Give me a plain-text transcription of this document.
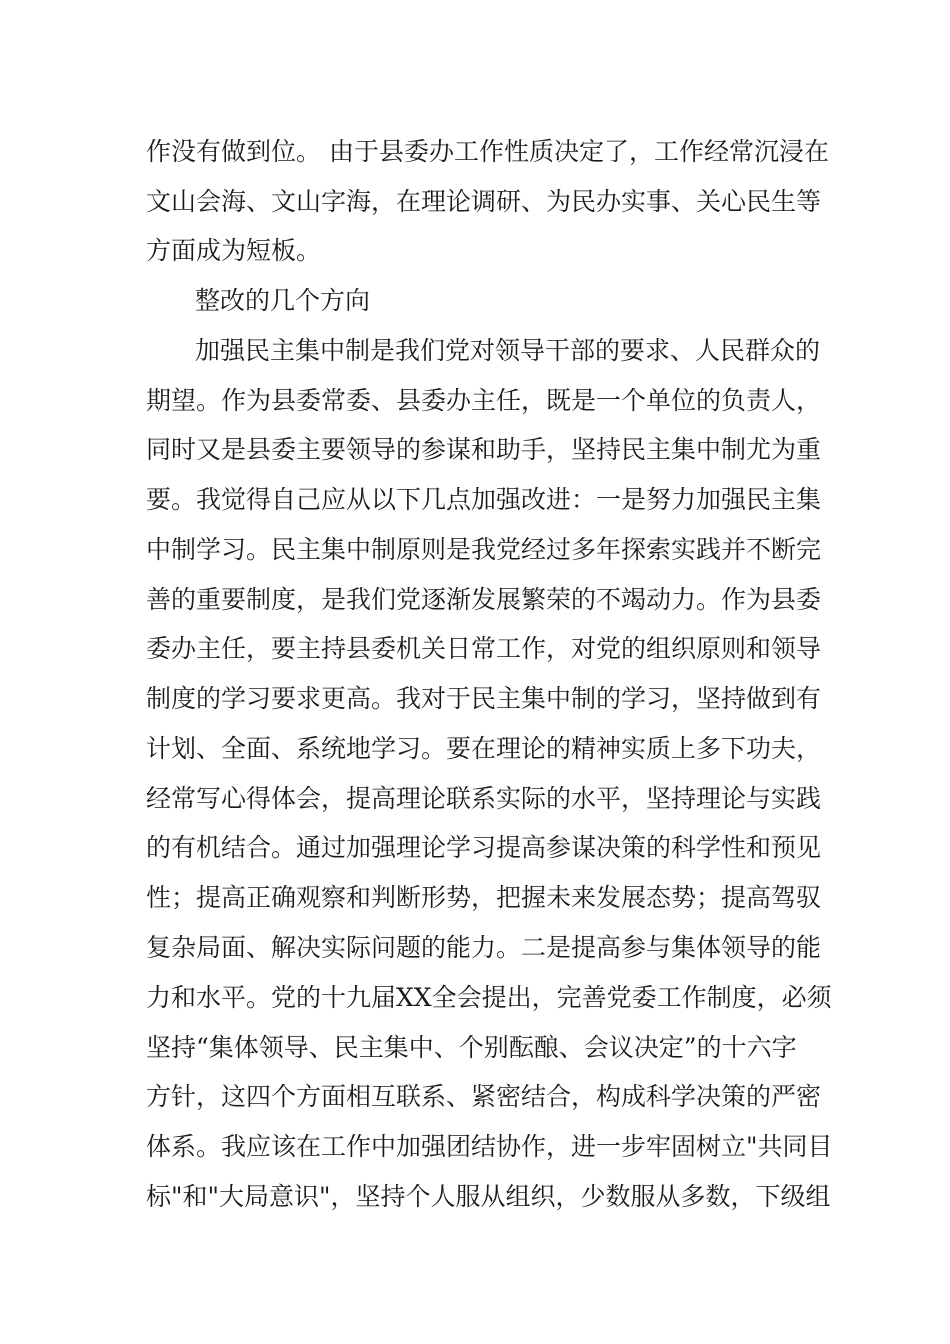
作没有做到位。 由于县委办工作性质决定了，工作经常沉浸在
文山会海、文山字海，在理论调研、为民办实事、关心民生等
方面成为短板。
整改的几个方向
加强民主集中制是我们党对领导干部的要求、人民群众的
期望。作为县委常委、县委办主任，既是一个单位的负责人，
同时又是县委主要领导的参谋和助手，坚持民主集中制尤为重
要。我觉得自己应从以下几点加强改进：一是努力加强民主集
中制学习。民主集中制原则是我党经过多年探索实践并不断完
善的重要制度，是我们党逐渐发展繁荣的不竭动力。作为县委
委办主任，要主持县委机关日常工作，对党的组织原则和领导
制度的学习要求更高。我对于民主集中制的学习，坚持做到有
计划、全面、系统地学习。要在理论的精神实质上多下功夫，
经常写心得体会，提高理论联系实际的水平，坚持理论与实践
的有机结合。通过加强理论学习提高参谋决策的科学性和预见
性；提高正确观察和判断形势，把握未来发展态势；提高驾驭
复杂局面、解决实际问题的能力。二是提高参与集体领导的能
力和水平。党的十九届XX全会提出，完善党委工作制度，必须
坚持“集体领导、民主集中、个别酝酿、会议决定”的十六字
方针，这四个方面相互联系、紧密结合，构成科学决策的严密
体系。我应该在工作中加强团结协作，进一步牢固树立"共同目
标"和"大局意识"，坚持个人服从组织，少数服从多数，下级组
